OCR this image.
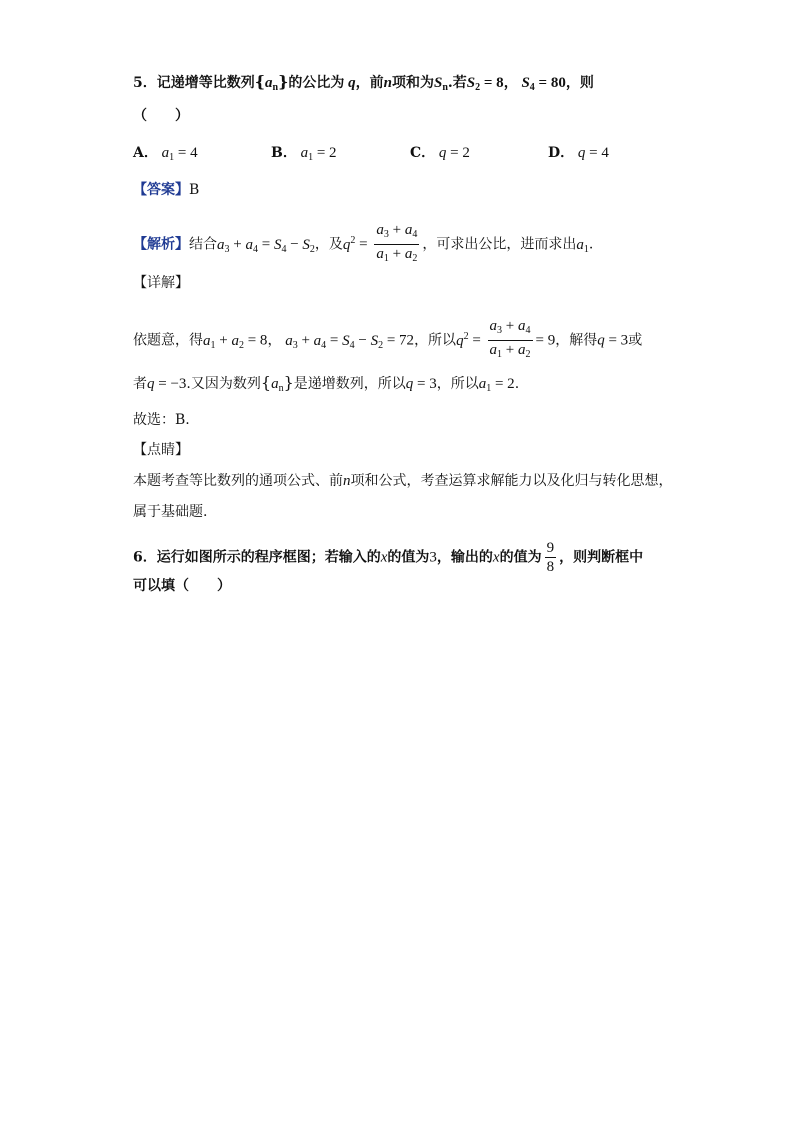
5．记递增等比数列$\{a_n\}$的公比为 q，前n项和为$S_n$.若$S_2 = 8$， $S_4 = 80$，则
（　　）
A． $a_1 = 4$	B． $a_1 = 2$	C． q = 2	D． q = 4
【答案】B
【解析】结合$a_3 + a_4 = S_4 - S_2$，及$q^2 = \frac{a_3 + a_4}{a_1 + a_2}$ ，可求出公比，进而求出$a_1$.
【详解】
依题意，得$a_1 + a_2 = 8$， $a_3 + a_4 = S_4 - S_2 = 72$，所以$q^2 = \frac{a_3 + a_4}{a_1 + a_2} = 9$，解得q = 3或
者q = −3.又因为数列$\{a_n\}$是递增数列，所以q = 3，所以$a_1 = 2$.
故选：B.
【点睛】
本题考查等比数列的通项公式、前n项和公式，考查运算求解能力以及化归与转化思想，
属于基础题.
6．运行如图所示的程序框图；若输入的x的值为3，输出的x的值为 $\frac{9}{8}$ ，则判断框中
可以填（　　）
